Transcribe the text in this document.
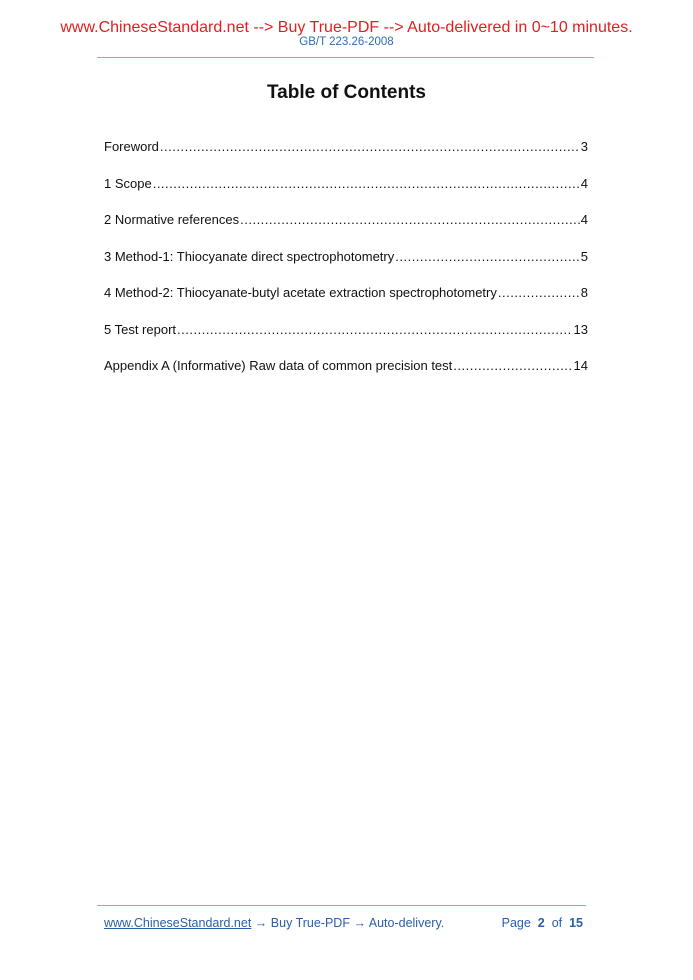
www.ChineseStandard.net --> Buy True-PDF --> Auto-delivered in 0~10 minutes.
GB/T 223.26-2008
Table of Contents
Foreword .....	3
1 Scope .....	4
2 Normative references .....	4
3 Method-1: Thiocyanate direct spectrophotometry .....	5
4 Method-2: Thiocyanate-butyl acetate extraction spectrophotometry .....	8
5 Test report .....	13
Appendix A (Informative) Raw data of common precision test .....	14
www.ChineseStandard.net → Buy True-PDF → Auto-delivery.	Page 2 of 15
